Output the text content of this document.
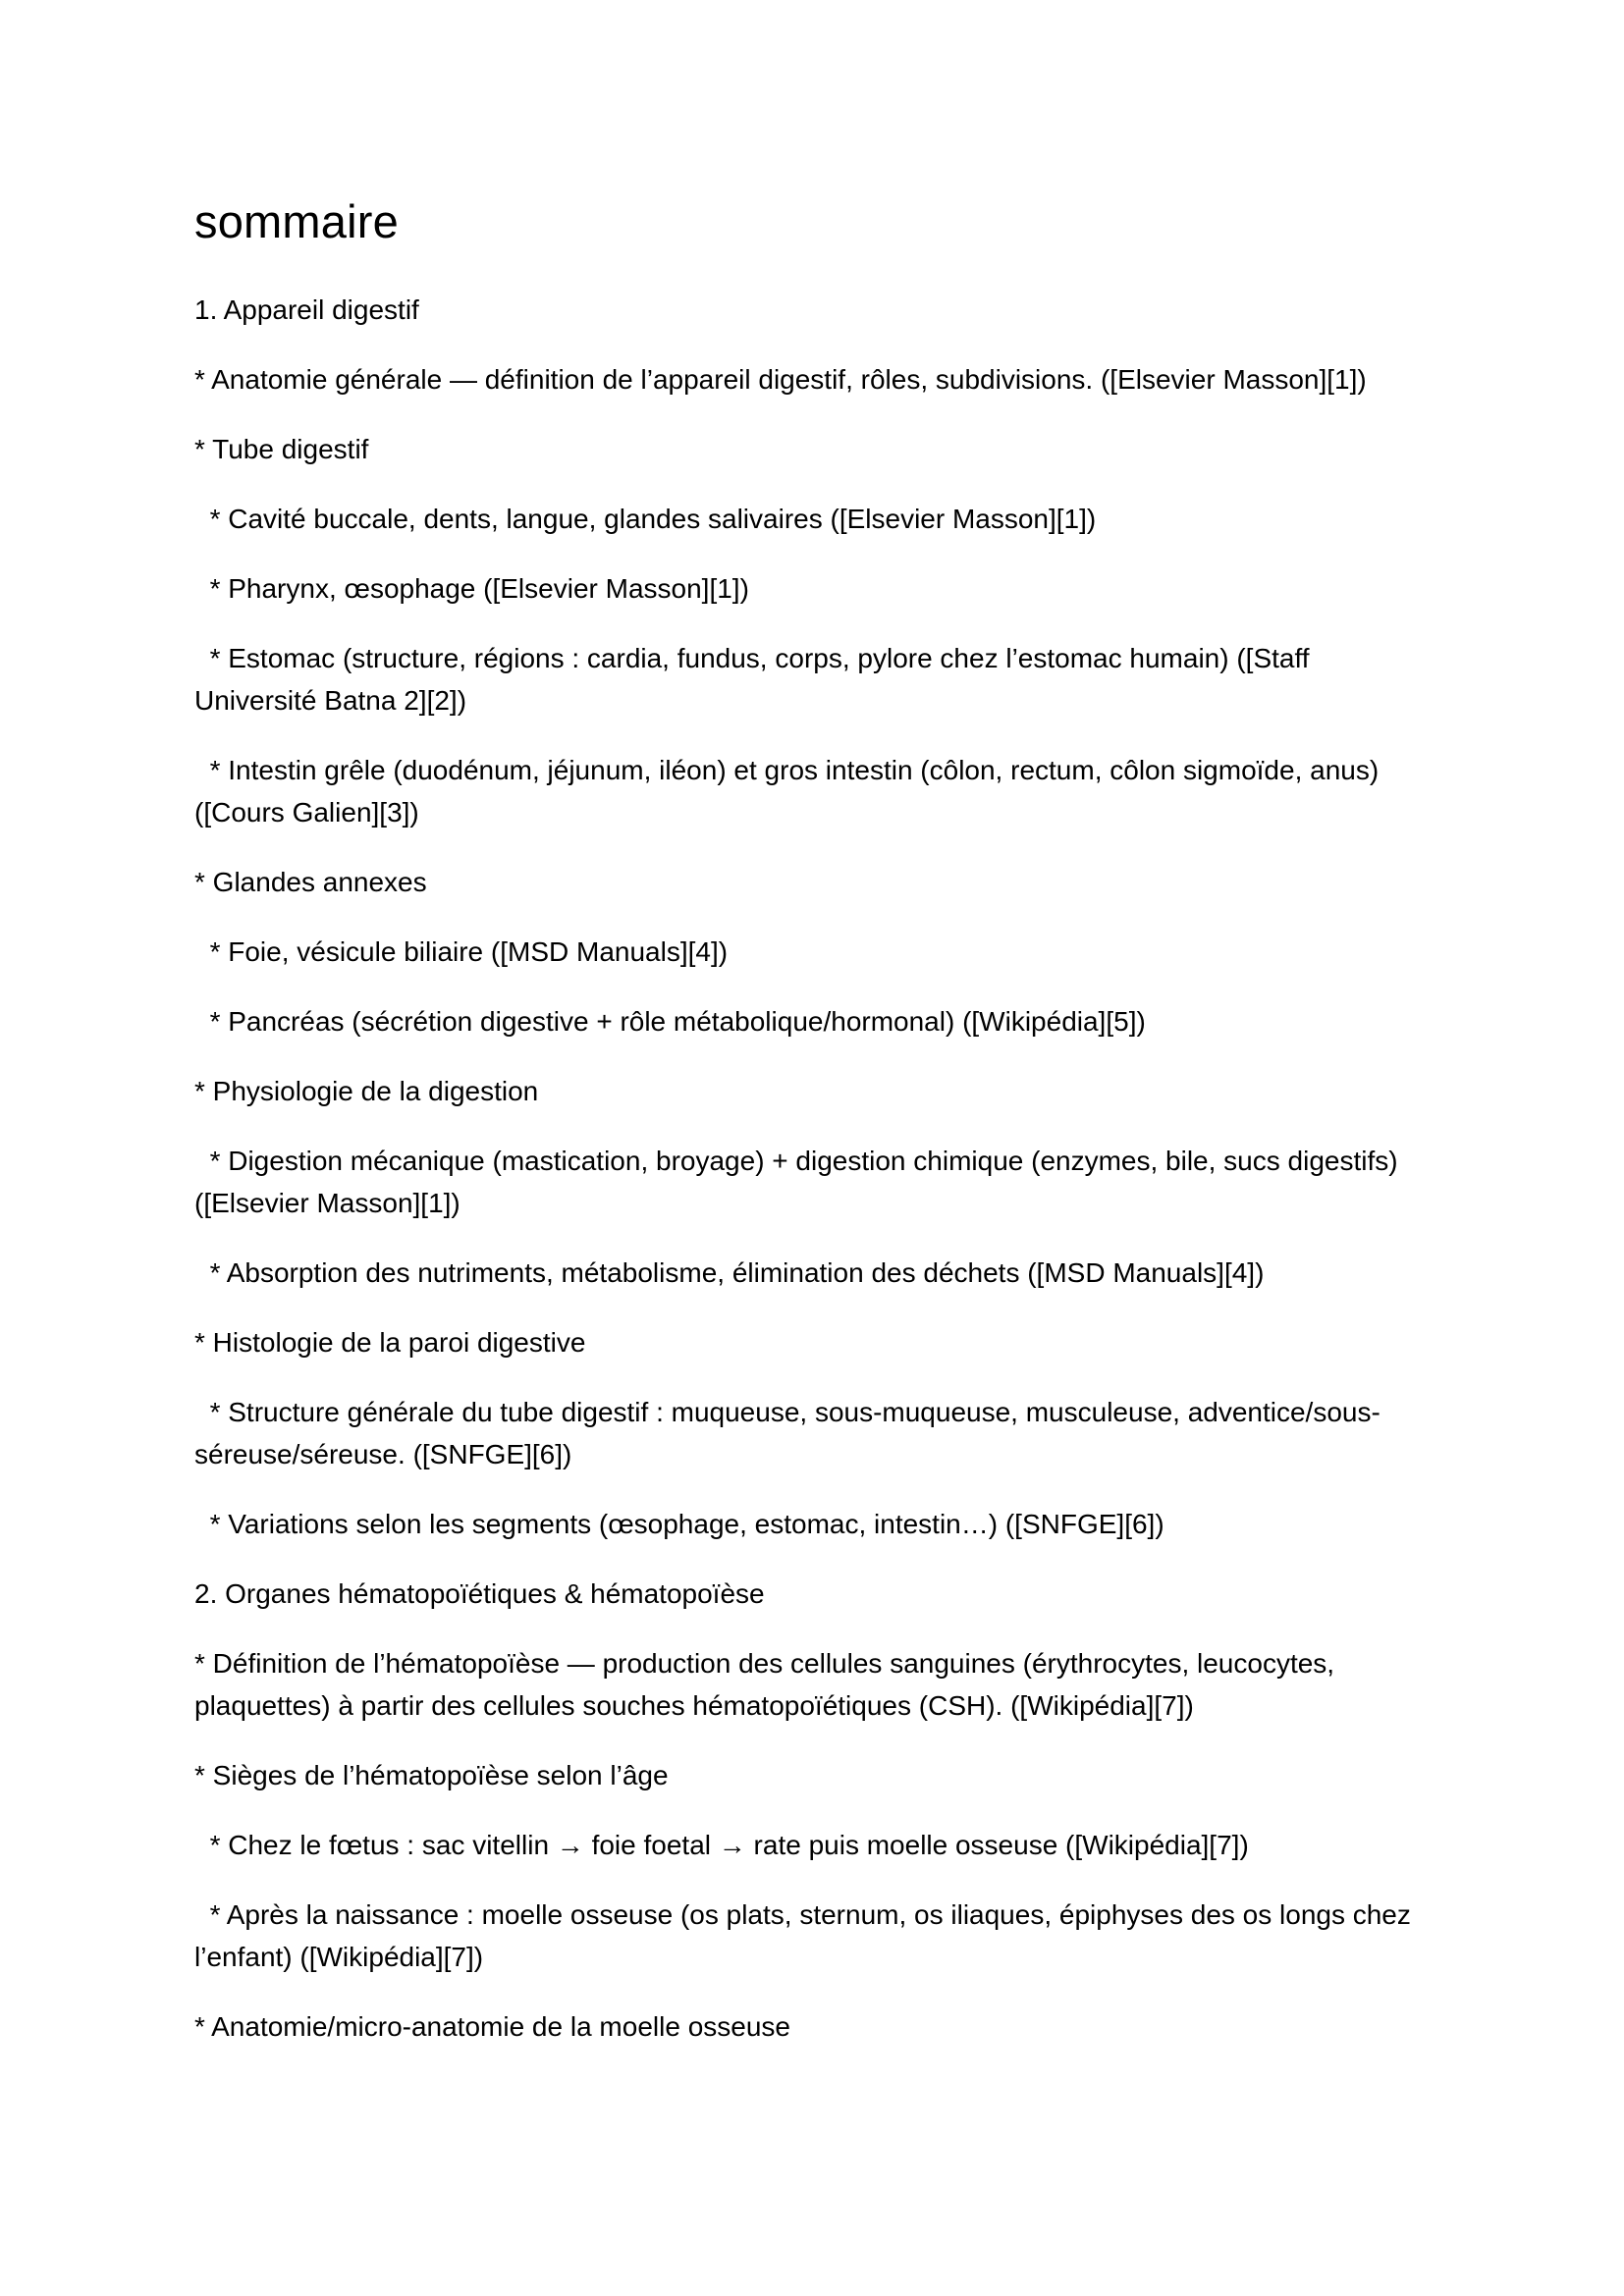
sommaire

1. Appareil digestif

* Anatomie générale — définition de l’appareil digestif, rôles, subdivisions. ([Elsevier Masson][1])

* Tube digestif

* Cavité buccale, dents, langue, glandes salivaires ([Elsevier Masson][1])

* Pharynx, œsophage ([Elsevier Masson][1])

* Estomac (structure, régions : cardia, fundus, corps, pylore chez l’estomac humain) ([Staff Université Batna 2][2])

* Intestin grêle (duodénum, jéjunum, iléon) et gros intestin (côlon, rectum, côlon sigmoïde, anus) ([Cours Galien][3])

* Glandes annexes

* Foie, vésicule biliaire ([MSD Manuals][4])

* Pancréas (sécrétion digestive + rôle métabolique/hormonal) ([Wikipédia][5])

* Physiologie de la digestion

* Digestion mécanique (mastication, broyage) + digestion chimique (enzymes, bile, sucs digestifs) ([Elsevier Masson][1])

* Absorption des nutriments, métabolisme, élimination des déchets ([MSD Manuals][4])

* Histologie de la paroi digestive

* Structure générale du tube digestif : muqueuse, sous-muqueuse, musculeuse, adventice/sous-séreuse/séreuse. ([SNFGE][6])

* Variations selon les segments (œsophage, estomac, intestin…) ([SNFGE][6])

2. Organes hématopoïétiques & hématopoïèse

* Définition de l’hématopoïèse — production des cellules sanguines (érythrocytes, leucocytes, plaquettes) à partir des cellules souches hématopoïétiques (CSH). ([Wikipédia][7])

* Sièges de l’hématopoïèse selon l’âge

* Chez le fœtus : sac vitellin → foie foetal → rate puis moelle osseuse ([Wikipédia][7])

* Après la naissance : moelle osseuse (os plats, sternum, os iliaques, épiphyses des os longs chez l’enfant) ([Wikipédia][7])

* Anatomie/micro-anatomie de la moelle osseuse
